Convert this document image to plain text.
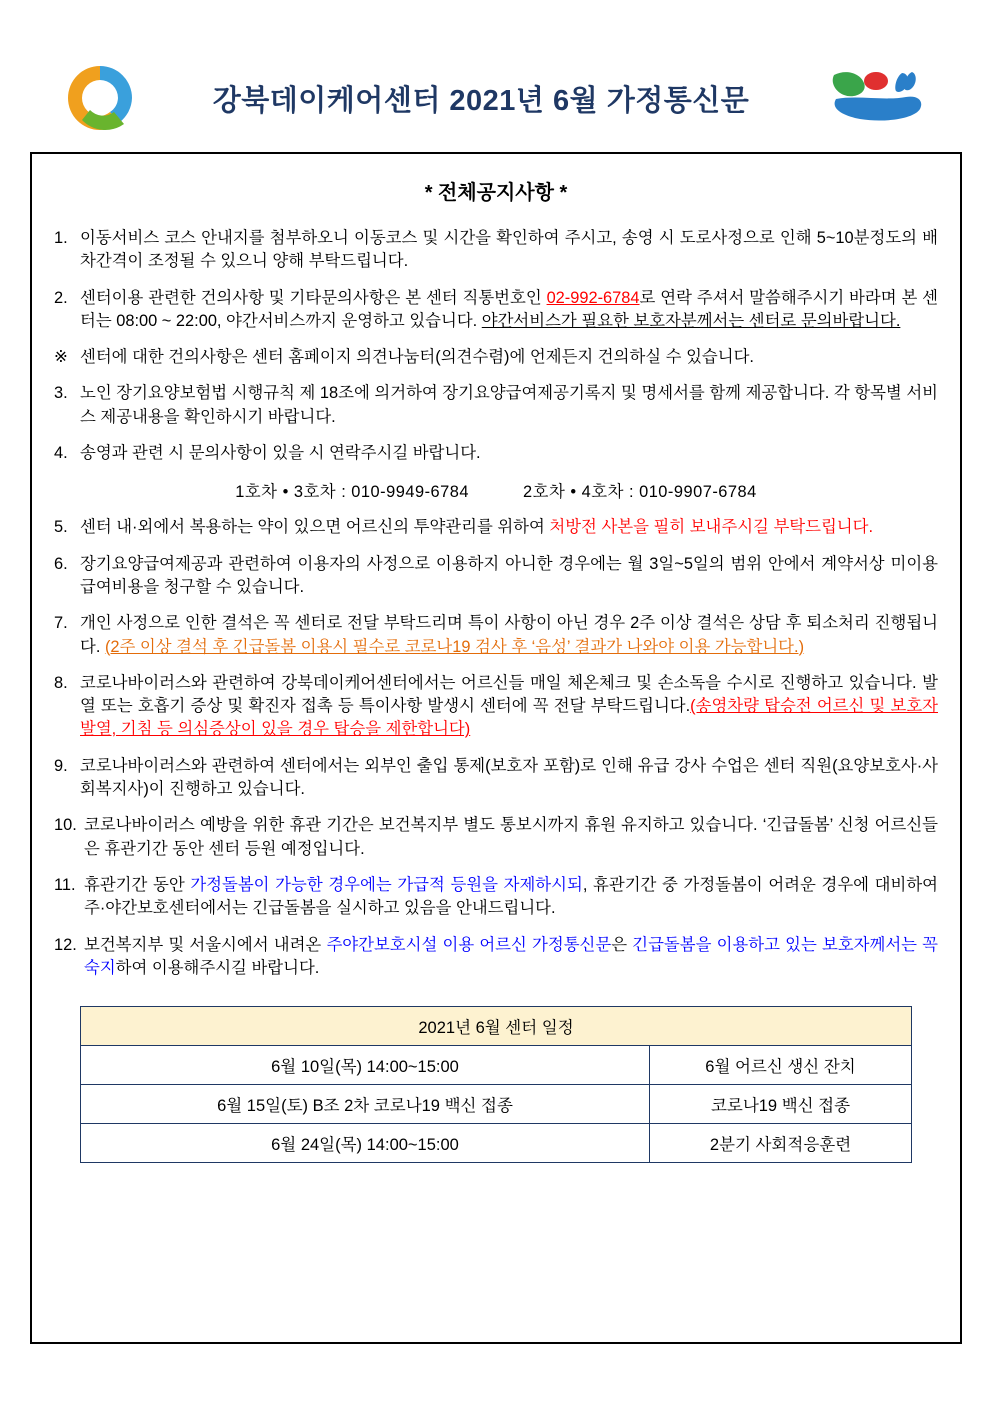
강북데이케어센터 2021년 6월 가정통신문
* 전체공지사항 *
1. 이동서비스 코스 안내지를 첨부하오니 이동코스 및 시간을 확인하여 주시고, 송영 시 도로사정으로 인해 5~10분정도의 배차간격이 조정될 수 있으니 양해 부탁드립니다.
2. 센터이용 관련한 건의사항 및 기타문의사항은 본 센터 직통번호인 02-992-6784로 연락 주셔서 말씀해주시기 바라며 본 센터는 08:00 ~ 22:00, 야간서비스까지 운영하고 있습니다. 야간서비스가 필요한 보호자분께서는 센터로 문의바랍니다.
※ 센터에 대한 건의사항은 센터 홈페이지 의견나눔터(의견수렴)에 언제든지 건의하실 수 있습니다.
3. 노인 장기요양보험법 시행규칙 제 18조에 의거하여 장기요양급여제공기록지 및 명세서를 함께 제공합니다. 각 항목별 서비스 제공내용을 확인하시기 바랍니다.
4. 송영과 관련 시 문의사항이 있을 시 연락주시길 바랍니다.
1호차 • 3호차 : 010-9949-6784	2호차 • 4호차 : 010-9907-6784
5. 센터 내·외에서 복용하는 약이 있으면 어르신의 투약관리를 위하여 처방전 사본을 필히 보내주시길 부탁드립니다.
6. 장기요양급여제공과 관련하여 이용자의 사정으로 이용하지 아니한 경우에는 월 3일~5일의 범위 안에서 계약서상 미이용 급여비용을 청구할 수 있습니다.
7. 개인 사정으로 인한 결석은 꼭 센터로 전달 부탁드리며 특이 사항이 아닌 경우 2주 이상 결석은 상담 후 퇴소처리 진행됩니다. (2주 이상 결석 후 긴급돌봄 이용시 필수로 코로나19 검사 후 ‘음성’ 결과가 나와야 이용 가능합니다.)
8. 코로나바이러스와 관련하여 강북데이케어센터에서는 어르신들 매일 체온체크 및 손소독을 수시로 진행하고 있습니다. 발열 또는 호흡기 증상 및 확진자 접촉 등 특이사항 발생시 센터에 꼭 전달 부탁드립니다.(송영차량 탑승전 어르신 및 보호자 발열, 기침 등 의심증상이 있을 경우 탑승을 제한합니다)
9. 코로나바이러스와 관련하여 센터에서는 외부인 출입 통제(보호자 포함)로 인해 유급 강사 수업은 센터 직원(요양보호사·사회복지사)이 진행하고 있습니다.
10. 코로나바이러스 예방을 위한 휴관 기간은 보건복지부 별도 통보시까지 휴원 유지하고 있습니다. ‘긴급돌봄’ 신청 어르신들은 휴관기간 동안 센터 등원 예정입니다.
11. 휴관기간 동안 가정돌봄이 가능한 경우에는 가급적 등원을 자제하시되, 휴관기간 중 가정돌봄이 어려운 경우에 대비하여 주·야간보호센터에서는 긴급돌봄을 실시하고 있음을 안내드립니다.
12. 보건복지부 및 서울시에서 내려온 주야간보호시설 이용 어르신 가정통신문은 긴급돌봄을 이용하고 있는 보호자께서는 꼭 숙지하여 이용해주시길 바랍니다.
2021년 6월 센터 일정	
6월 10일(목) 14:00~15:00	6월 어르신 생신 잔치
6월 15일(토) B조 2차 코로나19 백신 접종	코로나19 백신 접종
6월 24일(목) 14:00~15:00	2분기 사회적응훈련
